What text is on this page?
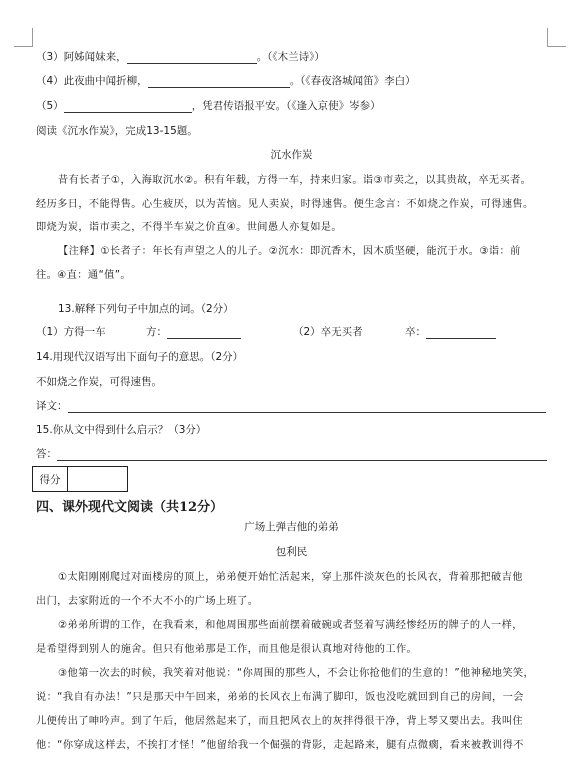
（3）阿姊闻妹来，	。（《木兰诗》）
（4）此夜曲中闻折柳，	。（《春夜洛城闻笛》李白）
（5）	，凭君传语报平安。（《逢入京使》岑参）
阅读《沉水作炭》，完成13-15题。
沉水作炭
昔有长者子①，入海取沉水②。积有年载，方得一车，持来归家。诣③市卖之，以其贵故，卒无买者。
经历多日，不能得售。心生疲厌，以为苦恼。见人卖炭，时得速售。便生念言：不如烧之作炭，可得速售。
即烧为炭，诣市卖之，不得半车炭之价直④。世间愚人亦复如是。
【注释】①长者子：年长有声望之人的儿子。②沉水：即沉香木，因木质坚硬，能沉于水。③诣：前
往。④直：通“值”。
13.解释下列句子中加点的词。（2分）
（1）方得一车	方：	（2）卒无买者	卒：
14.用现代汉语写出下面句子的意思。（2分）
不如烧之作炭，可得速售。
译文：
15.你从文中得到什么启示？（3分）
答：
得分
四、课外现代文阅读（共12分）
广场上弹吉他的弟弟
包利民
①太阳刚刚爬过对面楼房的顶上，弟弟便开始忙活起来，穿上那件淡灰色的长风衣，背着那把破吉他
出门，去家附近的一个不大不小的广场上班了。
②弟弟所谓的工作，在我看来，和他周围那些面前摆着破碗或者竖着写满经惨经历的牌子的人一样，
是希望得到别人的施舍。但只有他弟那是工作，而且他是很认真地对待他的工作。
③他第一次去的时候，我笑着对他说：“你周围的那些人，不会让你抢他们的生意的！”他神秘地笑笑，
说：“我自有办法！”只是那天中午回来，弟弟的长风衣上布满了脚印，饭也没吃就回到自己的房间，一会
儿便传出了呻吟声。到了午后，他居然起来了，而且把风衣上的灰拌得很干净，背上琴又要出去。我叫住
他：“你穿成这样去，不挨打才怪！”他留给我一个倔强的背影，走起路来，腿有点微瘸，看来被教训得不
